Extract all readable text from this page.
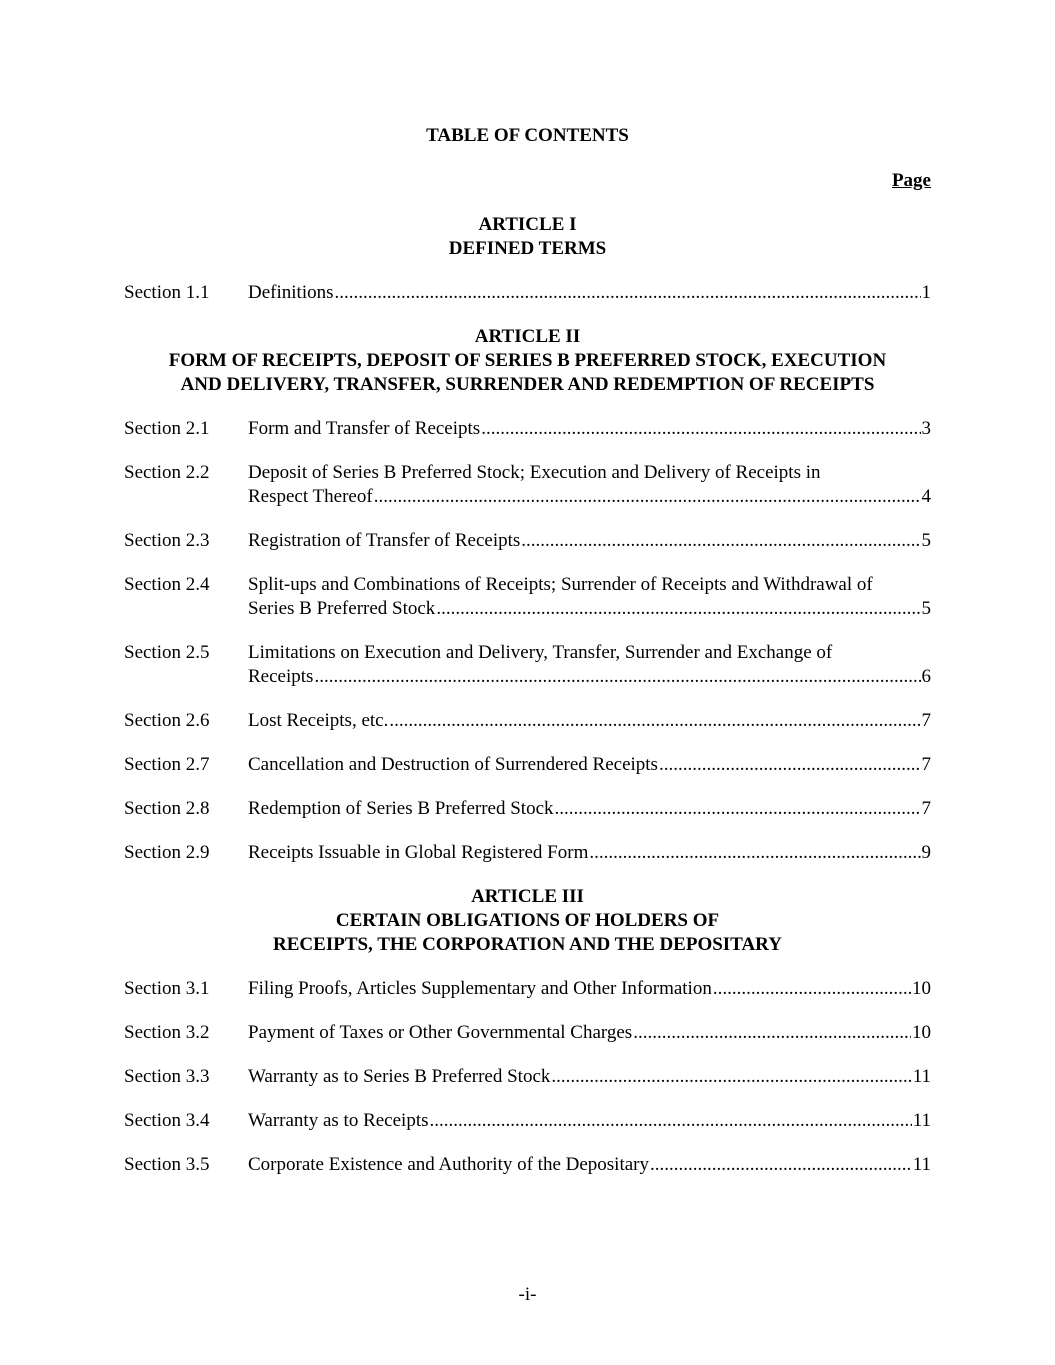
TABLE OF CONTENTS
Page
ARTICLE I
DEFINED TERMS
Section 1.1	Definitions .....	1
ARTICLE II
FORM OF RECEIPTS, DEPOSIT OF SERIES B PREFERRED STOCK, EXECUTION
AND DELIVERY, TRANSFER, SURRENDER AND REDEMPTION OF RECEIPTS
Section 2.1	Form and Transfer of Receipts .....	3
Section 2.2	Deposit of Series B Preferred Stock; Execution and Delivery of Receipts in
Respect Thereof .....	4
Section 2.3	Registration of Transfer of Receipts .....	5
Section 2.4	Split-ups and Combinations of Receipts; Surrender of Receipts and Withdrawal of
Series B Preferred Stock .....	5
Section 2.5	Limitations on Execution and Delivery, Transfer, Surrender and Exchange of
Receipts .....	6
Section 2.6	Lost Receipts, etc. .....	7
Section 2.7	Cancellation and Destruction of Surrendered Receipts .....	7
Section 2.8	Redemption of Series B Preferred Stock .....	7
Section 2.9	Receipts Issuable in Global Registered Form .....	9
ARTICLE III
CERTAIN OBLIGATIONS OF HOLDERS OF
RECEIPTS, THE CORPORATION AND THE DEPOSITARY
Section 3.1	Filing Proofs, Articles Supplementary and Other Information .....	10
Section 3.2	Payment of Taxes or Other Governmental Charges .....	10
Section 3.3	Warranty as to Series B Preferred Stock .....	11
Section 3.4	Warranty as to Receipts .....	11
Section 3.5	Corporate Existence and Authority of the Depositary .....	11
-i-
